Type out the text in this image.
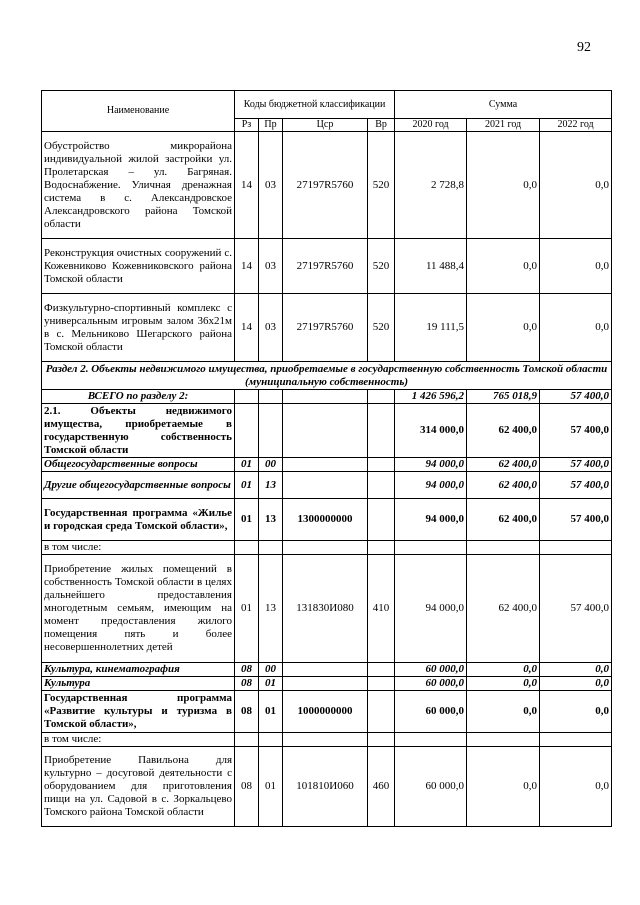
92
Наименование	Коды бюджетной классификации				Сумма		
	Рз	Пр	Цср	Вр	2020 год	2021 год	2022 год
Обустройство микрорайона индивидуальной жилой застройки ул. Пролетарская – ул. Багряная. Водоснабжение. Уличная дренажная система в с. Александровское Александровского района Томской области	14	03	27197R5760	520	2 728,8	0,0	0,0
Реконструкция очистных сооружений с. Кожевниково Кожевниковского района Томской области	14	03	27197R5760	520	11 488,4	0,0	0,0
Физкультурно-спортивный комплекс с универсальным игровым залом 36х21м в с. Мельниково Шегарского района Томской области	14	03	27197R5760	520	19 111,5	0,0	0,0
Раздел 2. Объекты недвижимого имущества, приобретаемые в государственную собственность Томской области (муниципальную собственность)							
ВСЕГО по разделу 2:					1 426 596,2	765 018,9	57 400,0
2.1. Объекты недвижимого имущества, приобретаемые в государственную собственность Томской области					314 000,0	62 400,0	57 400,0
Общегосударственные вопросы	01	00			94 000,0	62 400,0	57 400,0
Другие общегосударственные вопросы	01	13			94 000,0	62 400,0	57 400,0
Государственная программа «Жилье и городская среда Томской области»,	01	13	1300000000		94 000,0	62 400,0	57 400,0
в том числе:							
Приобретение жилых помещений в собственность Томской области в целях дальнейшего предоставления многодетным семьям, имеющим на момент предоставления жилого помещения пять и более несовершеннолетних детей	01	13	131830И080	410	94 000,0	62 400,0	57 400,0
Культура, кинематография	08	00			60 000,0	0,0	0,0
Культура	08	01			60 000,0	0,0	0,0
Государственная программа «Развитие культуры и туризма в Томской области»,	08	01	1000000000		60 000,0	0,0	0,0
в том числе:							
Приобретение Павильона для культурно – досуговой деятельности с оборудованием для приготовления пищи на ул. Садовой в с. Зоркальцево Томского района Томской области	08	01	101810И060	460	60 000,0	0,0	0,0
